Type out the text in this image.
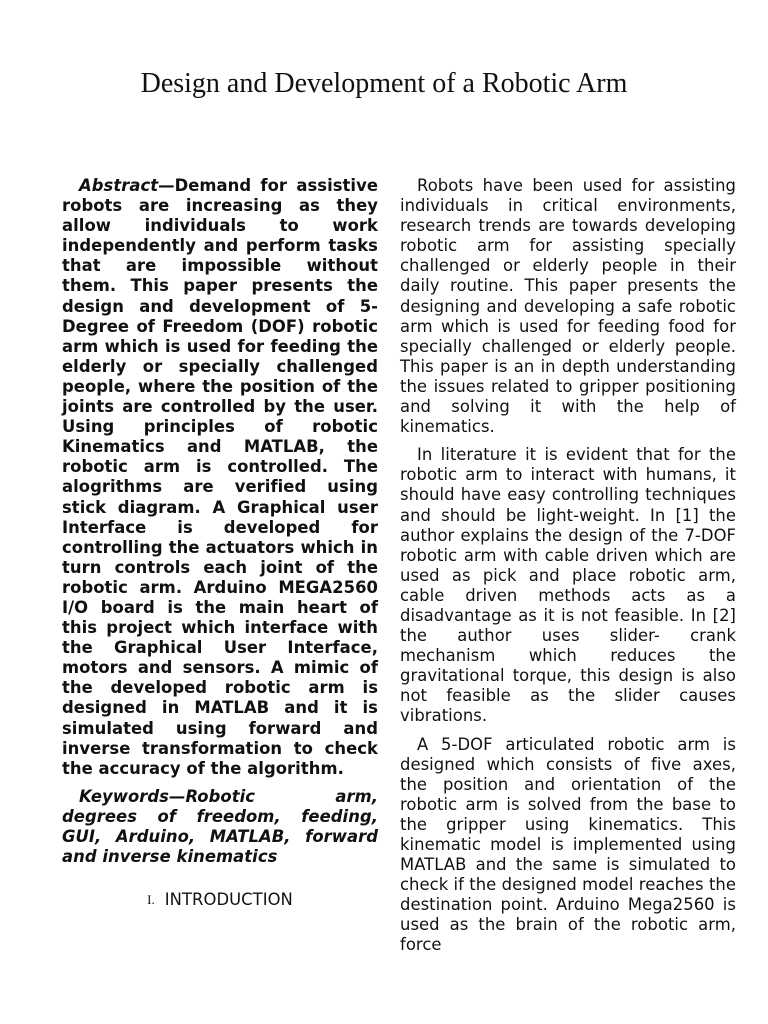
Design and Development of a Robotic Arm

Abstract—Demand for assistive robots are increasing as they allow individuals to work independently and perform tasks that are impossible without them. This paper presents the design and development of 5-Degree of Freedom (DOF) robotic arm which is used for feeding the elderly or specially challenged people, where the position of the joints are controlled by the user. Using principles of robotic Kinematics and MATLAB, the robotic arm is controlled. The alogrithms are verified using stick diagram. A Graphical user Interface is developed for controlling the actuators which in turn controls each joint of the robotic arm. Arduino MEGA2560 I/O board is the main heart of this project which interface with the Graphical User Interface, motors and sensors. A mimic of the developed robotic arm is designed in MATLAB and it is simulated using forward and inverse transformation to check the accuracy of the algorithm.

Keywords—Robotic arm, degrees of freedom, feeding, GUI, Arduino, MATLAB, forward and inverse kinematics

I. INTRODUCTION

Robots have been used for assisting individuals in critical environments, research trends are towards developing robotic arm for assisting specially challenged or elderly people in their daily routine. This paper presents the designing and developing a safe robotic arm which is used for feeding food for specially challenged or elderly people. This paper is an in depth understanding the issues related to gripper positioning and solving it with the help of kinematics.

In literature it is evident that for the robotic arm to interact with humans, it should have easy controlling techniques and should be light-weight. In [1] the author explains the design of the 7-DOF robotic arm with cable driven which are used as pick and place robotic arm, cable driven methods acts as a disadvantage as it is not feasible. In [2] the author uses slider- crank mechanism which reduces the gravitational torque, this design is also not feasible as the slider causes vibrations.

A 5-DOF articulated robotic arm is designed which consists of five axes, the position and orientation of the robotic arm is solved from the base to the gripper using kinematics. This kinematic model is implemented using MATLAB and the same is simulated to check if the designed model reaches the destination point. Arduino Mega2560 is used as the brain of the robotic arm, force
